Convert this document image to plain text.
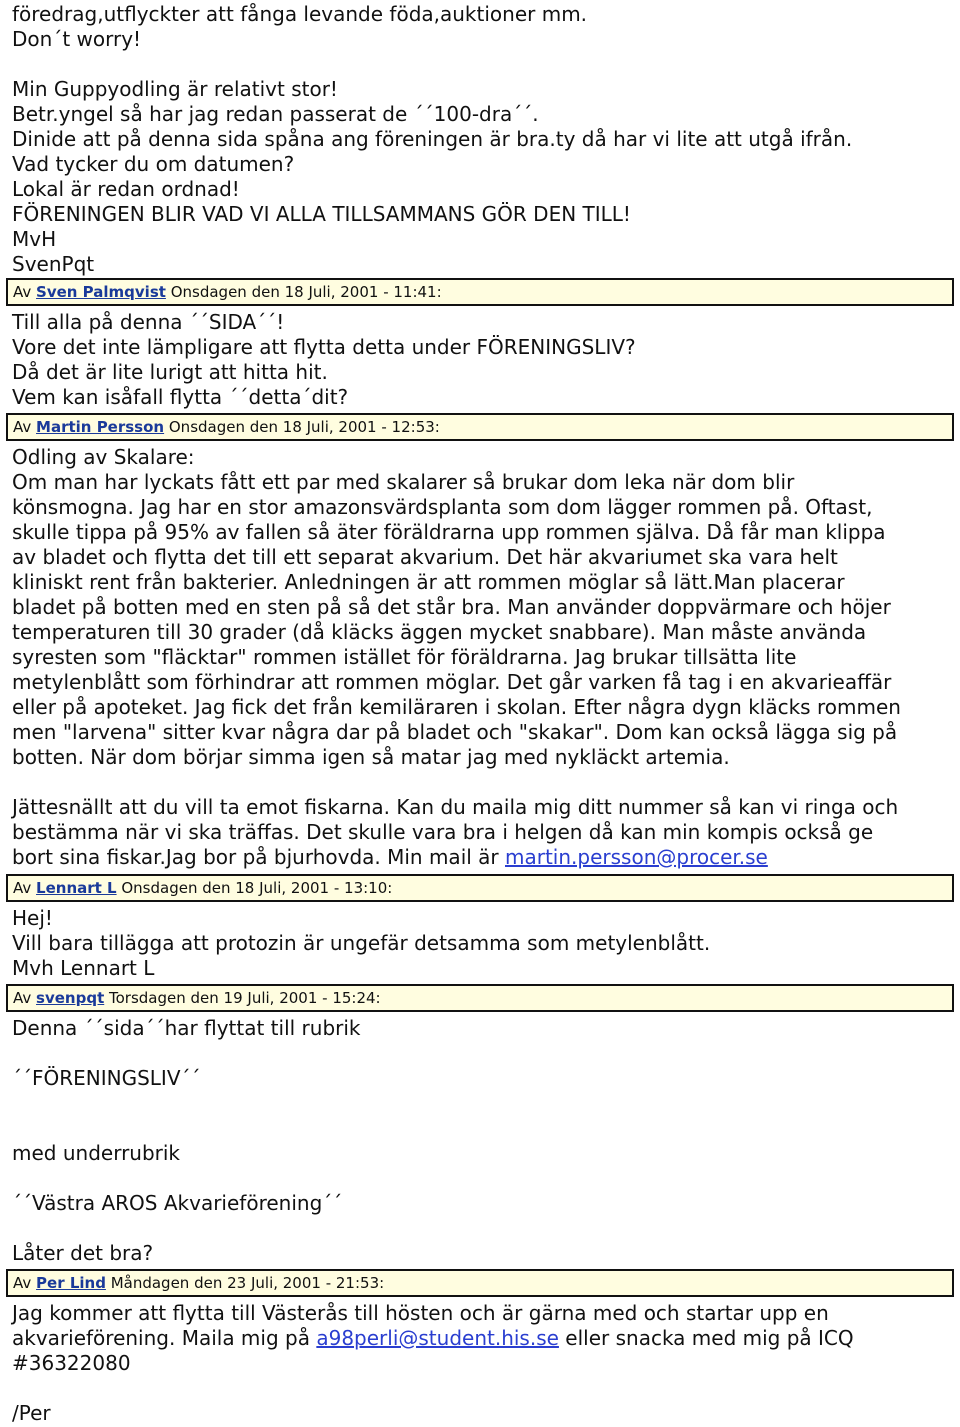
föredrag,utflyckter att fånga levande föda,auktioner mm.
Don´t worry!
Min Guppyodling är relativt stor!
Betr.yngel så har jag redan passerat de ´´100-dra´´.
Dinide att på denna sida spåna ang föreningen är bra.ty då har vi lite att utgå ifrån.
Vad tycker du om datumen?
Lokal är redan ordnad!
FÖRENINGEN BLIR VAD VI ALLA TILLSAMMANS GÖR DEN TILL!
MvH
SvenPqt
Av Sven Palmqvist Onsdagen den 18 Juli, 2001 - 11:41:
Till alla på denna ´´SIDA´´!
Vore det inte lämpligare att flytta detta under FÖRENINGSLIV?
Då det är lite lurigt att hitta hit.
Vem kan isåfall flytta ´´detta´dit?
Av Martin Persson Onsdagen den 18 Juli, 2001 - 12:53:
Odling av Skalare:
Om man har lyckats fått ett par med skalarer så brukar dom leka när dom blir
könsmogna. Jag har en stor amazonsvärdsplanta som dom lägger rommen på. Oftast,
skulle tippa på 95% av fallen så äter föräldrarna upp rommen själva. Då får man klippa
av bladet och flytta det till ett separat akvarium. Det här akvariumet ska vara helt
kliniskt rent från bakterier. Anledningen är att rommen möglar så lätt.Man placerar
bladet på botten med en sten på så det står bra. Man använder doppvärmare och höjer
temperaturen till 30 grader (då kläcks äggen mycket snabbare). Man måste använda
syresten som "fläcktar" rommen istället för föräldrarna. Jag brukar tillsätta lite
metylenblått som förhindrar att rommen möglar. Det går varken få tag i en akvarieaffär
eller på apoteket. Jag fick det från kemiläraren i skolan. Efter några dygn kläcks rommen
men "larvena" sitter kvar några dar på bladet och "skakar". Dom kan också lägga sig på
botten. När dom börjar simma igen så matar jag med nykläckt artemia.
Jättesnällt att du vill ta emot fiskarna. Kan du maila mig ditt nummer så kan vi ringa och
bestämma när vi ska träffas. Det skulle vara bra i helgen då kan min kompis också ge
bort sina fiskar.Jag bor på bjurhovda. Min mail är martin.persson@procer.se
Av Lennart L Onsdagen den 18 Juli, 2001 - 13:10:
Hej!
Vill bara tillägga att protozin är ungefär detsamma som metylenblått.
Mvh Lennart L
Av svenpqt Torsdagen den 19 Juli, 2001 - 15:24:
Denna ´´sida´´har flyttat till rubrik
´´FÖRENINGSLIV´´
med underrubrik
´´Västra AROS Akvarieförening´´
Låter det bra?
Av Per Lind Måndagen den 23 Juli, 2001 - 21:53:
Jag kommer att flytta till Västerås till hösten och är gärna med och startar upp en
akvarieförening. Maila mig på a98perli@student.his.se eller snacka med mig på ICQ
#36322080
/Per
